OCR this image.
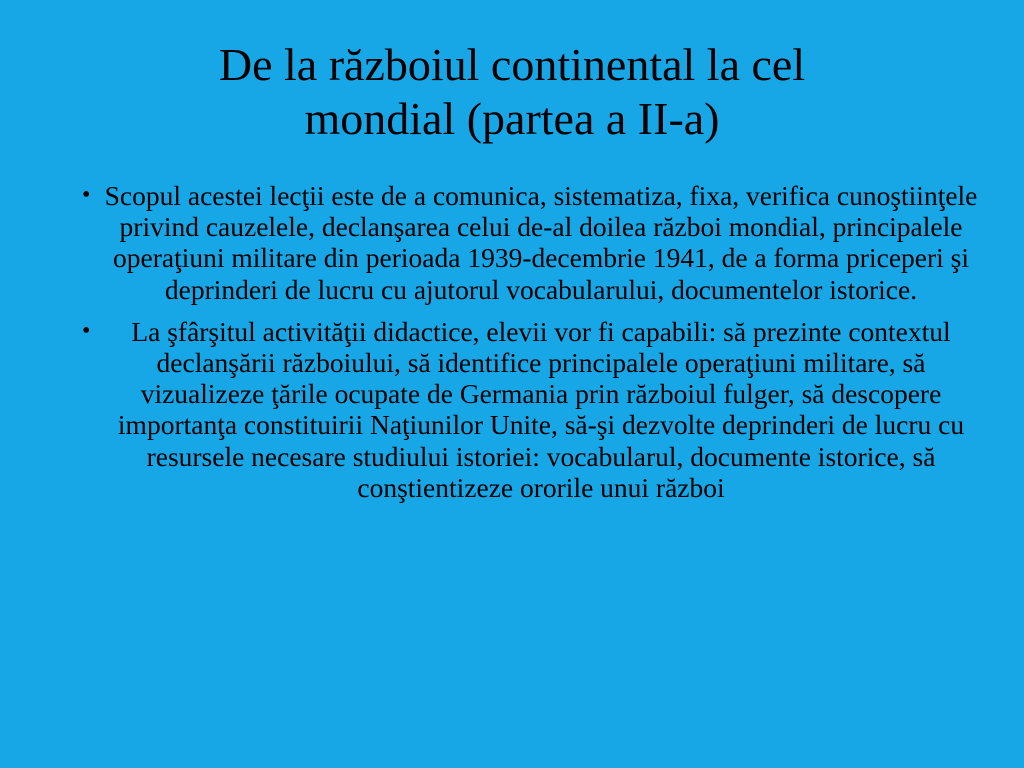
De la războiul continental la cel
mondial (partea a II-a)
• Scopul acestei lecţii este de a comunica, sistematiza, fixa, verifica cunoştiinţele privind cauzelele, declanşarea celui de-al doilea război mondial, principalele operaţiuni militare din perioada 1939-decembrie 1941, de a forma priceperi şi deprinderi de lucru cu ajutorul vocabularului, documentelor istorice.
• La şfârşitul activităţii didactice, elevii vor fi capabili: să prezinte contextul declanşării războiului, să identifice principalele operaţiuni militare, să vizualizeze ţările ocupate de Germania prin războiul fulger, să descopere importanţa constituirii Naţiunilor Unite, să-şi dezvolte deprinderi de lucru cu resursele necesare studiului istoriei: vocabularul, documente istorice, să conştientizeze ororile unui război
